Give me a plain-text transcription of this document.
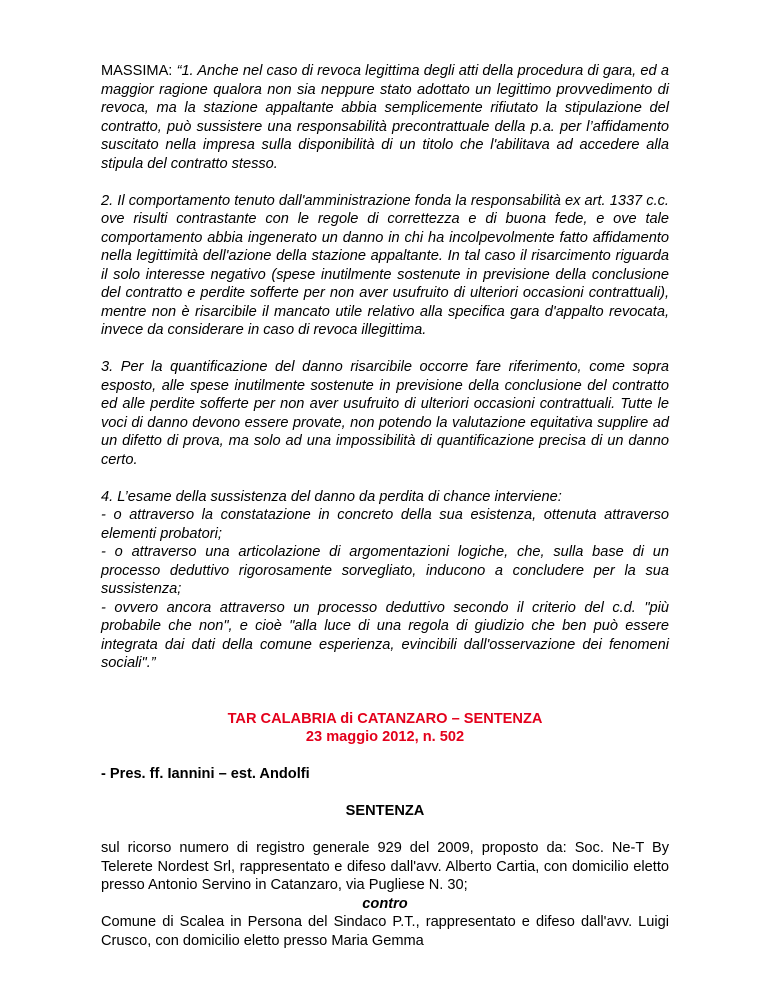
MASSIMA: “1. Anche nel caso di revoca legittima degli atti della procedura di gara, ed a maggior ragione qualora non sia neppure stato adottato un legittimo provvedimento di revoca, ma la stazione appaltante abbia semplicemente rifiutato la stipulazione del contratto, può sussistere una responsabilità precontrattuale della p.a. per l’affidamento suscitato nella impresa sulla disponibilità di un titolo che l'abilitava ad accedere alla stipula del contratto stesso.

2. Il comportamento tenuto dall'amministrazione fonda la responsabilità ex art. 1337 c.c. ove risulti contrastante con le regole di correttezza e di buona fede, e ove tale comportamento abbia ingenerato un danno in chi ha incolpevolmente fatto affidamento nella legittimità dell'azione della stazione appaltante. In tal caso il risarcimento riguarda il solo interesse negativo (spese inutilmente sostenute in previsione della conclusione del contratto e perdite sofferte per non aver usufruito di ulteriori occasioni contrattuali), mentre non è risarcibile il mancato utile relativo alla specifica gara d'appalto revocata, invece da considerare in caso di revoca illegittima.

3. Per la quantificazione del danno risarcibile occorre fare riferimento, come sopra esposto, alle spese inutilmente sostenute in previsione della conclusione del contratto ed alle perdite sofferte per non aver usufruito di ulteriori occasioni contrattuali. Tutte le voci di danno devono essere provate, non potendo la valutazione equitativa supplire ad un difetto di prova, ma solo ad una impossibilità di quantificazione precisa di un danno certo.

4. L’esame della sussistenza del danno da perdita di chance interviene:
- o attraverso la constatazione in concreto della sua esistenza, ottenuta attraverso elementi probatori;
- o attraverso una articolazione di argomentazioni logiche, che, sulla base di un processo deduttivo rigorosamente sorvegliato, inducono a concludere per la sua sussistenza;
- ovvero ancora attraverso un processo deduttivo secondo il criterio del c.d. "più probabile che non", e cioè "alla luce di una regola di giudizio che ben può essere integrata dai dati della comune esperienza, evincibili dall'osservazione dei fenomeni sociali".”

TAR CALABRIA di CATANZARO – SENTENZA
23 maggio 2012, n. 502

- Pres. ff. Iannini – est. Andolfi

SENTENZA

sul ricorso numero di registro generale 929 del 2009, proposto da: Soc. Ne-T By Telerete Nordest Srl, rappresentato e difeso dall'avv. Alberto Cartia, con domicilio eletto presso Antonio Servino in Catanzaro, via Pugliese N. 30;

contro

Comune di Scalea in Persona del Sindaco P.T., rappresentato e difeso dall'avv. Luigi Crusco, con domicilio eletto presso Maria Gemma
